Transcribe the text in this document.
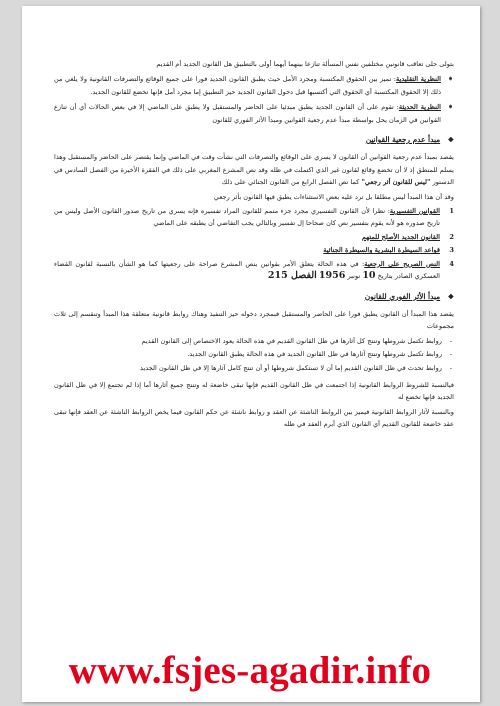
بتولى حلى تعاقب قانونين مختلفين نفس المسألة تنازعا بينهما أيهما أولى بالتطبيق هل القانون الجديد أم القديم

➧
النظرية التقليدية: تميز بين الحقوق المكتسبة ومجرد الأمل حيث يطبق القانون الجديد فورا على جميع الوقائع والتصرفات القانونية ولا يلغي من ذلك إلا الحقوق المكتسبة أي الحقوق التي أكتسبها قبل دخول القانون الجديد حيز التطبيق إما مجرد أمل فإنها تخضع للقانون الجديد.
➧
النظرية الحديثة: تقوم على أن القانون الجديد يطبق مبدئيا على الحاضر والمستقبل ولا يطبق على الماضي إلا في بعض الحالات أي أن تنازع القوانين في الزمان يحل بواسطة مبدأ عدم رجعية القوانين ومبدأ الأثر الفوري للقانون
❖ مبدأ عدم رجعية القوانين

يقصد بمبدأ عدم رجعية القوانين أن القانون لا يسري على الوقائع والتصرفات التي نشأت وقت في الماضي وإنما يقتصر على الحاضر والمستقبل وهذا يسلم للمنطق إذ لا أن تخضع وقائع لقانون غير الذي اكتملت في ظله وقد نص المشرع المغربي على ذلك في الفقرة الأخيرة من الفصل السادس في الدستور "ليس للقانون أثر رجعي" كما نص الفصل الرابع من القانون الجنائي على ذلك

وقد أن هذا المبدأ ليس مطلقا بل ترد عليه بعض الاستثناءات يطبق فيها القانون بأثر رجعي

1
القوانين التفسيرية: نظرا لأن القانون التفسيري مجرد جزء متمم للقانون المراد تفسيره فإنه يسري من تاريخ صدور القانون الأصل وليس من تاريخ صدوره هو لأنه يقوم بتفسير نص كان صحاحا إل تفسير وبالتالي يجب التقاضي أن يطبقه على الماضي
2
القانون الجديد الأصلح للمتهم
3
قواعد السيطرة البشرية والسيطرة الجنائية
4
النص الصريح على الرجعية: في هذه الحالة يتعلق الأمر بقوانين ينص المشرع صراحة على رجعيتها كما هو الشأن بالنسبة لقانون القضاء العسكري الصادر بتاريخ 10 نونبر 1956 الفصل 215
❖ مبدأ الأثر الفوري للقانون

يقصد هذا المبدأ أن القانون يطبق فورا على الحاضر والمستقبل فبمجرد دخوله حيز التنفيذ وهناك روابط قانونية متعلقة هذا المبدأ وتنقسم إلى ثلاث مجموعات

-
روابط تكتمل شروطها وتنتج كل آثارها في ظل القانون القديم في هذه الحالة يعود الاختصاص إلى القانون القديم
-
روابط تكتمل شروطها وتنتج آثارها في ظل القانون الجديد في هذه الحالة يطبق القانون الجديد.
-
روابط تحدث في ظل القانون القديم إما أن لا تستكمل شروطها أو أن تنتج كامل آثارها إلا في ظل القانون الجديد

فبالنسبة للشروط الروابط القانونية إذا اجتمعت في ظل القانون القديم فإنها تبقى خاضعة له وتنتج جميع آثارها أما إذا لم تجتمع إلا في ظل القانون الجديد فإنها تخضع له

وبالنسبة لآثار الروابط القانونية فيميز بين الروابط الناشئة عن العقد و روابط ناشئة عن حكم القانون فيما يخص الروابط الناشئة عن العقد فإنها تبقى عقد خاضعة للقانون القديم أي القانون الذي أبرم العقد في ظله

www.fsjes-agadir.info
